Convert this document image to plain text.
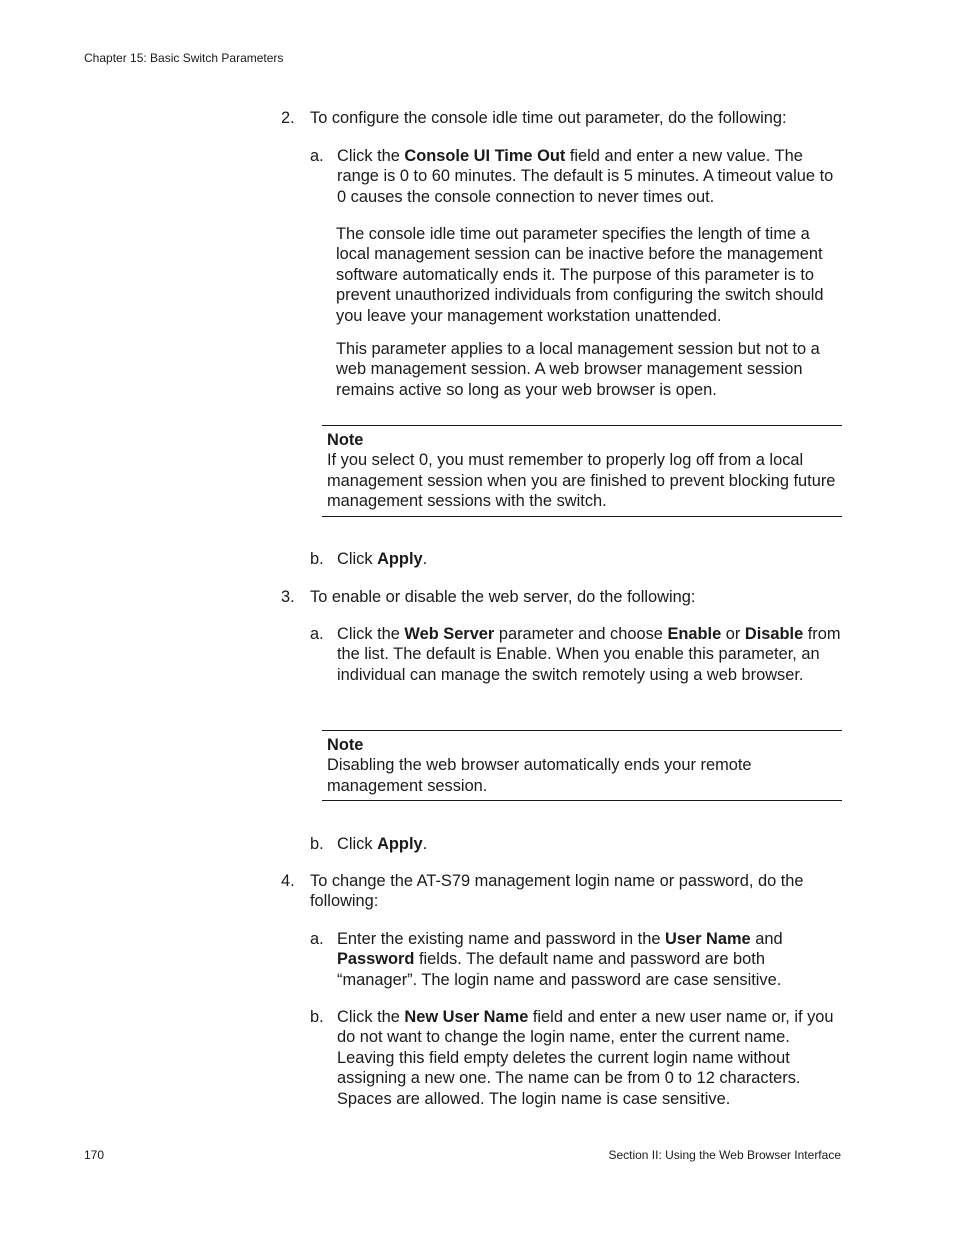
Chapter 15: Basic Switch Parameters
2. To configure the console idle time out parameter, do the following:
a. Click the Console UI Time Out field and enter a new value. The range is 0 to 60 minutes. The default is 5 minutes. A timeout value to 0 causes the console connection to never times out.
The console idle time out parameter specifies the length of time a local management session can be inactive before the management software automatically ends it. The purpose of this parameter is to prevent unauthorized individuals from configuring the switch should you leave your management workstation unattended.
This parameter applies to a local management session but not to a web management session. A web browser management session remains active so long as your web browser is open.
Note
If you select 0, you must remember to properly log off from a local management session when you are finished to prevent blocking future management sessions with the switch.
b. Click Apply.
3. To enable or disable the web server, do the following:
a. Click the Web Server parameter and choose Enable or Disable from the list. The default is Enable. When you enable this parameter, an individual can manage the switch remotely using a web browser.
Note
Disabling the web browser automatically ends your remote management session.
b. Click Apply.
4. To change the AT-S79 management login name or password, do the following:
a. Enter the existing name and password in the User Name and Password fields. The default name and password are both “manager”. The login name and password are case sensitive.
b. Click the New User Name field and enter a new user name or, if you do not want to change the login name, enter the current name. Leaving this field empty deletes the current login name without assigning a new one. The name can be from 0 to 12 characters. Spaces are allowed. The login name is case sensitive.
170	Section II: Using the Web Browser Interface
